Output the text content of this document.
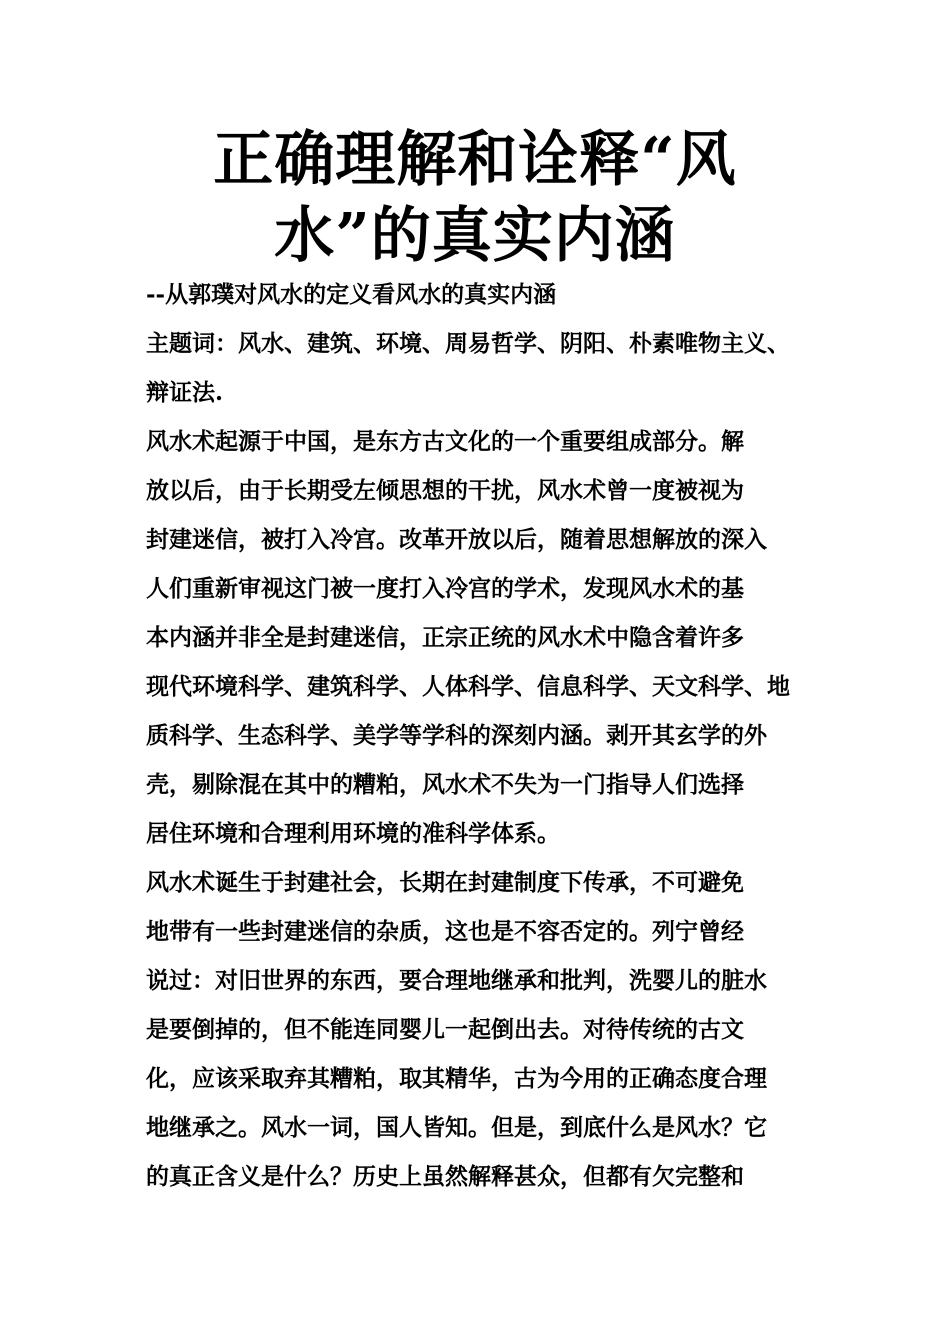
正确理解和诠释“风
水”的真实内涵
--从郭璞对风水的定义看风水的真实内涵
主题词：风水、建筑、环境、周易哲学、阴阳、朴素唯物主义、
辩证法.
风水术起源于中国，是东方古文化的一个重要组成部分。解
放以后，由于长期受左倾思想的干扰，风水术曾一度被视为
封建迷信，被打入冷宫。改革开放以后，随着思想解放的深入
人们重新审视这门被一度打入冷宫的学术，发现风水术的基
本内涵并非全是封建迷信，正宗正统的风水术中隐含着许多
现代环境科学、建筑科学、人体科学、信息科学、天文科学、地
质科学、生态科学、美学等学科的深刻内涵。剥开其玄学的外
壳，剔除混在其中的糟粕，风水术不失为一门指导人们选择
居住环境和合理利用环境的准科学体系。
风水术诞生于封建社会，长期在封建制度下传承，不可避免
地带有一些封建迷信的杂质，这也是不容否定的。列宁曾经
说过：对旧世界的东西，要合理地继承和批判，洗婴儿的脏水
是要倒掉的，但不能连同婴儿一起倒出去。对待传统的古文
化，应该采取弃其糟粕，取其精华，古为今用的正确态度合理
地继承之。风水一词，国人皆知。但是，到底什么是风水？它
的真正含义是什么？历史上虽然解释甚众，但都有欠完整和
